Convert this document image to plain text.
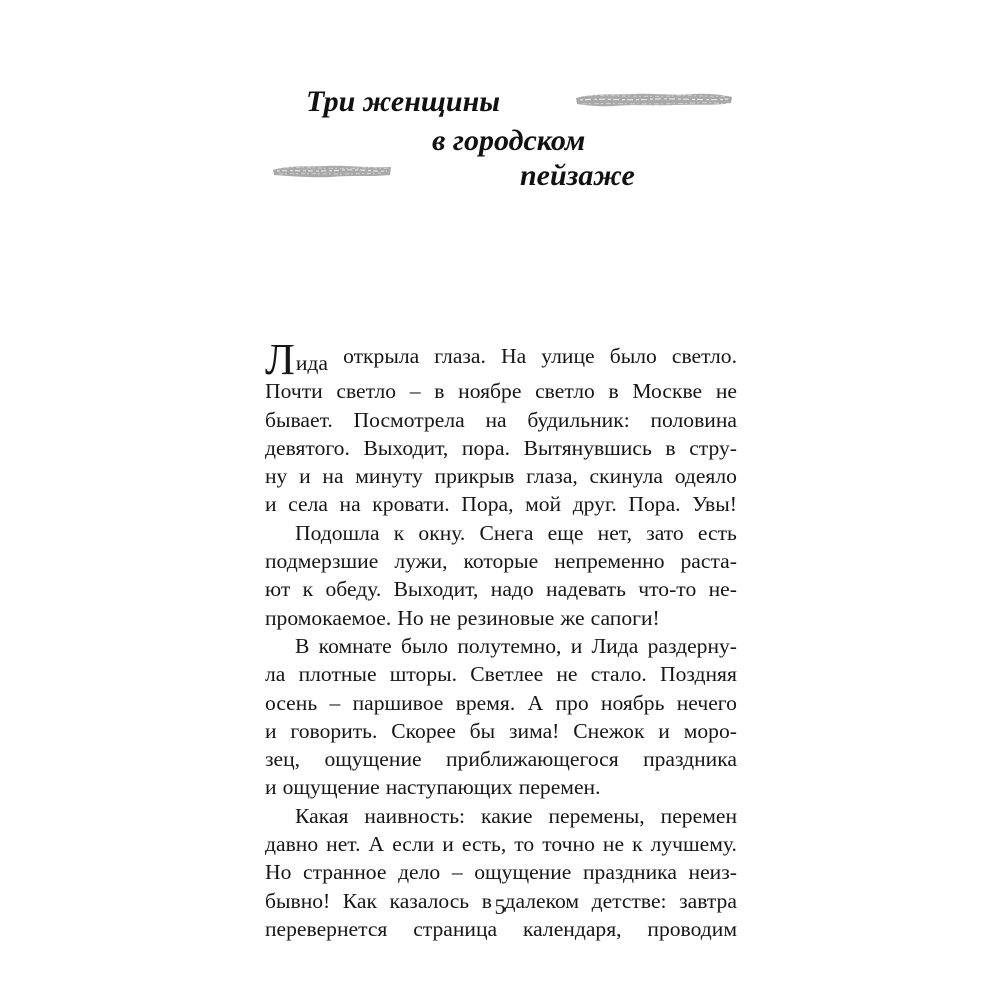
Три женщины
в городском
пейзаже
Лида открыла глаза. На улице было светло.
Почти светло – в ноябре светло в Москве не
бывает. Посмотрела на будильник: половина
девятого. Выходит, пора. Вытянувшись в стру-
ну и на минуту прикрыв глаза, скинула одеяло
и села на кровати. Пора, мой друг. Пора. Увы!
Подошла к окну. Снега еще нет, зато есть
подмерзшие лужи, которые непременно раста-
ют к обеду. Выходит, надо надевать что-то не-
промокаемое. Но не резиновые же сапоги!
В комнате было полутемно, и Лида раздерну-
ла плотные шторы. Светлее не стало. Поздняя
осень – паршивое время. А про ноябрь нечего
и говорить. Скорее бы зима! Снежок и моро-
зец, ощущение приближающегося праздника
и ощущение наступающих перемен.
Какая наивность: какие перемены, перемен
давно нет. А если и есть, то точно не к лучшему.
Но странное дело – ощущение праздника неиз-
бывно! Как казалось в далеком детстве: завтра
перевернется страница календаря, проводим
5
